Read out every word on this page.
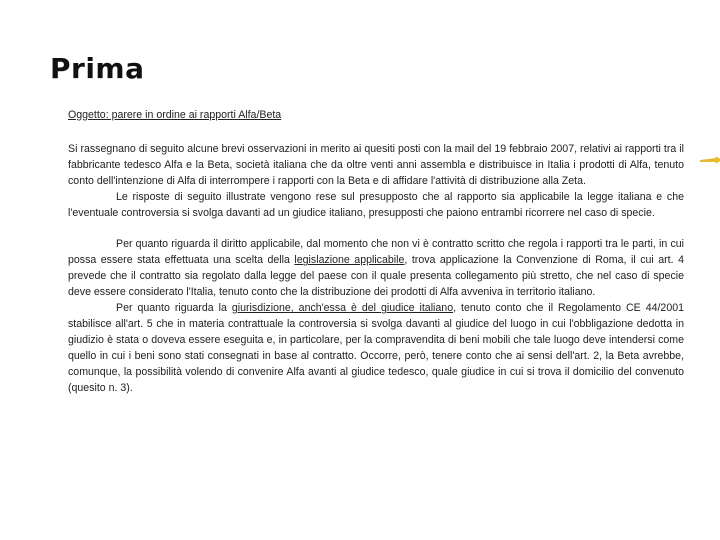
Prima
Oggetto: parere in ordine ai rapporti Alfa/Beta

Si rassegnano di seguito alcune brevi osservazioni in merito ai quesiti posti con la mail del 19 febbraio 2007, relativi ai rapporti tra il fabbricante tedesco Alfa e la Beta, società italiana che da oltre venti anni assembla e distribuisce in Italia i prodotti di Alfa, tenuto conto dell'intenzione di Alfa di interrompere i rapporti con la Beta e di affidare l'attività di distribuzione alla Zeta.

Le risposte di seguito illustrate vengono rese sul presupposto che al rapporto sia applicabile la legge italiana e che l'eventuale controversia si svolga davanti ad un giudice italiano, presupposti che paiono entrambi ricorrere nel caso di specie.

Per quanto riguarda il diritto applicabile, dal momento che non vi è contratto scritto che regola i rapporti tra le parti, in cui possa essere stata effettuata una scelta della legislazione applicabile, trova applicazione la Convenzione di Roma, il cui art. 4 prevede che il contratto sia regolato dalla legge del paese con il quale presenta collegamento più stretto, che nel caso di specie deve essere considerato l'Italia, tenuto conto che la distribuzione dei prodotti di Alfa avveniva in territorio italiano.

Per quanto riguarda la giurisdizione, anch'essa è del giudice italiano, tenuto conto che il Regolamento CE 44/2001 stabilisce all'art. 5 che in materia contrattuale la controversia si svolga davanti al giudice del luogo in cui l'obbligazione dedotta in giudizio è stata o doveva essere eseguita e, in particolare, per la compravendita di beni mobili che tale luogo deve intendersi come quello in cui i beni sono stati consegnati in base al contratto. Occorre, però, tenere conto che ai sensi dell'art. 2, la Beta avrebbe, comunque, la possibilità volendo di convenire Alfa avanti al giudice tedesco, quale giudice in cui si trova il domicilio del convenuto (quesito n. 3).
